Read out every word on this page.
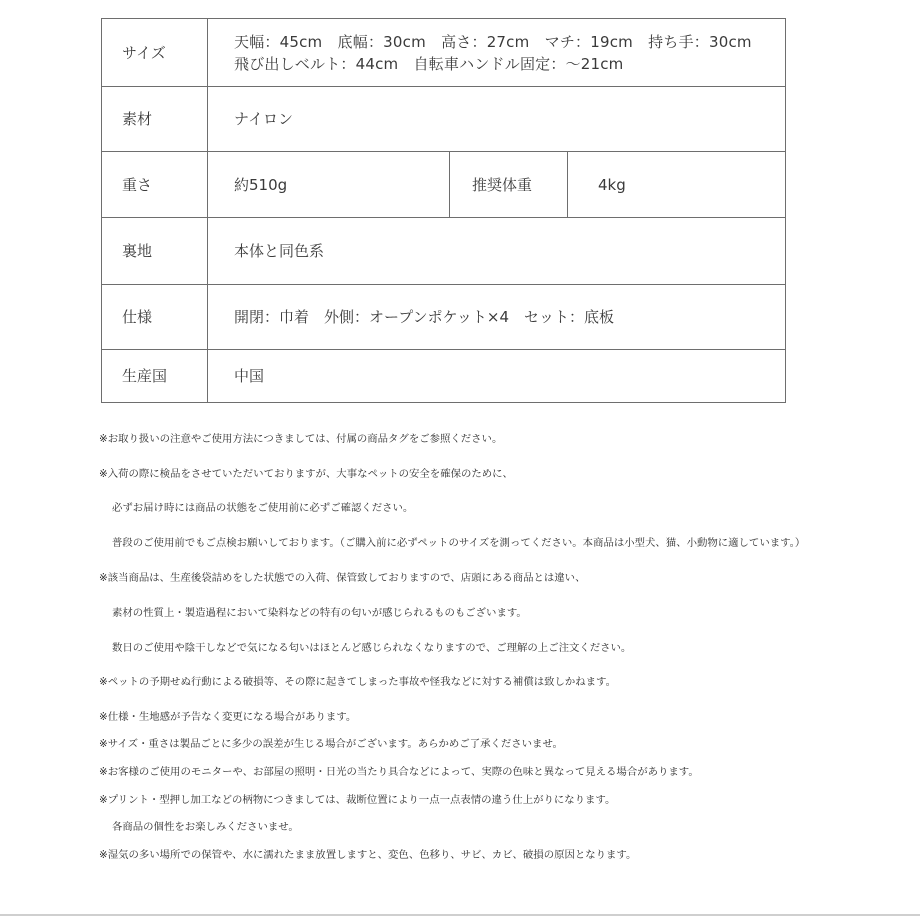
サイズ	天幅：45cm　底幅：30cm　高さ：27cm　マチ：19cm　持ち手：30cm
飛び出しベルト：44cm　自転車ハンドル固定：～21cm		

素材	ナイロン		
重さ	約510g	推奨体重	4kg
裏地	本体と同色系		
仕様	開閉：巾着　外側：オープンポケット×4　セット：底板		
生産国	中国		
※お取り扱いの注意やご使用方法につきましては、付属の商品タグをご参照ください。
※入荷の際に検品をさせていただいておりますが、大事なペットの安全を確保のために、
必ずお届け時には商品の状態をご使用前に必ずご確認ください。
普段のご使用前でもご点検お願いしております。（ご購入前に必ずペットのサイズを測ってください。本商品は小型犬、猫、小動物に適しています。）
※該当商品は、生産後袋詰めをした状態での入荷、保管致しておりますので、店頭にある商品とは違い、
素材の性質上・製造過程において染料などの特有の匂いが感じられるものもございます。
数日のご使用や陰干しなどで気になる匂いはほとんど感じられなくなりますので、ご理解の上ご注文ください。
※ペットの予期せぬ行動による破損等、その際に起きてしまった事故や怪我などに対する補償は致しかねます。
※仕様・生地感が予告なく変更になる場合があります。
※サイズ・重さは製品ごとに多少の誤差が生じる場合がございます。あらかめご了承くださいませ。
※お客様のご使用のモニターや、お部屋の照明・日光の当たり具合などによって、実際の色味と異なって見える場合があります。
※プリント・型押し加工などの柄物につきましては、裁断位置により一点一点表情の違う仕上がりになります。
各商品の個性をお楽しみくださいませ。
※湿気の多い場所での保管や、水に濡れたまま放置しますと、変色、色移り、サビ、カビ、破損の原因となります。
